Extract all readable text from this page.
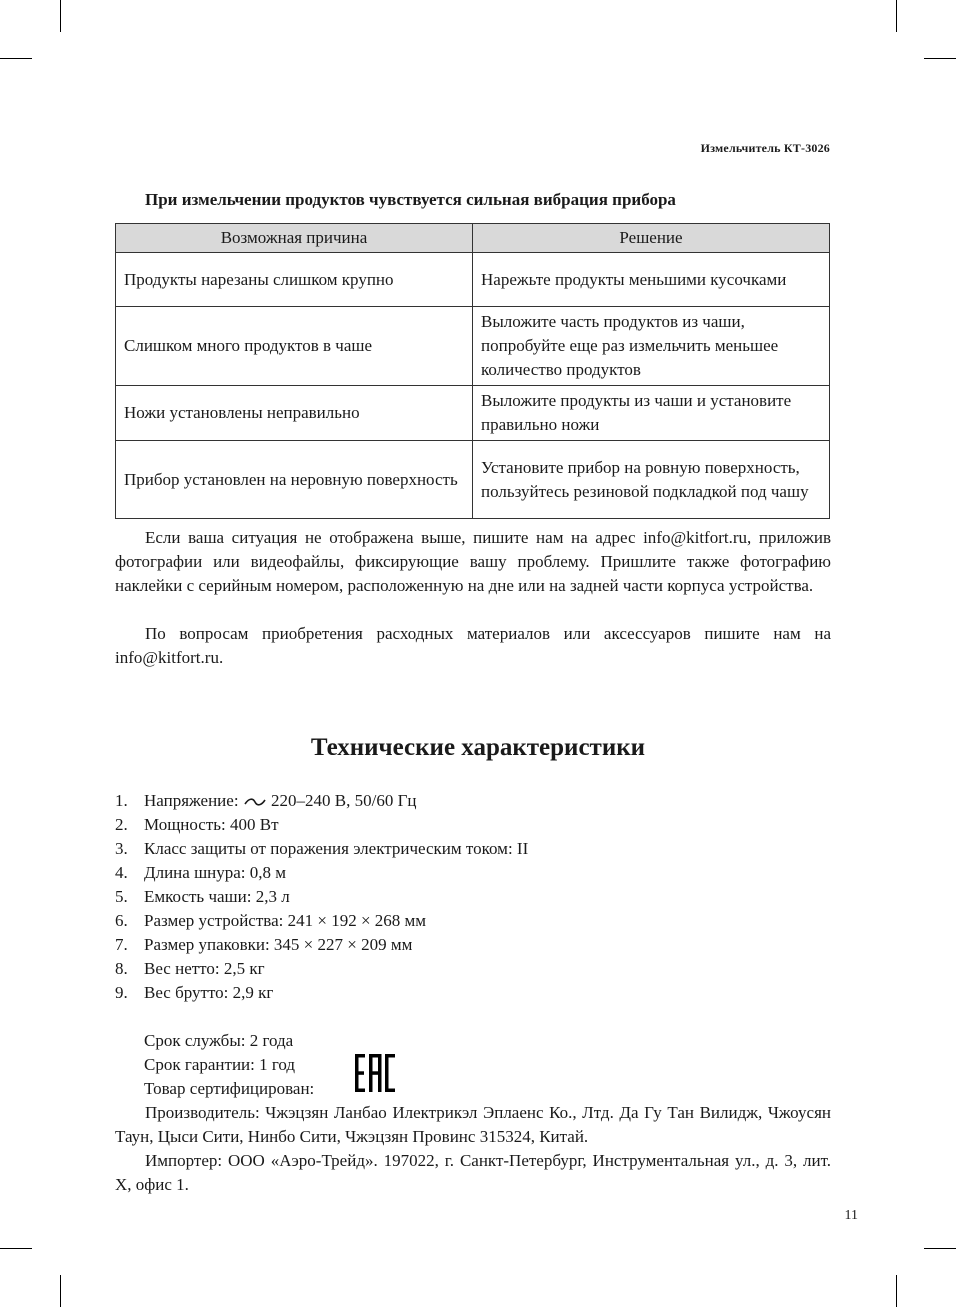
Измельчитель КТ-3026
При измельчении продуктов чувствуется сильная вибрация прибора
Возможная причина	Решение
Продукты нарезаны слишком крупно	Нарежьте продукты меньшими кусочками
Слишком много продуктов в чаше	Выложите часть продуктов из чаши, попробуйте еще раз измельчить меньшее количество продуктов
Ножи установлены неправильно	Выложите продукты из чаши и установите правильно ножи
Прибор установлен на неровную поверхность	Установите прибор на ровную поверхность, пользуйтесь резиновой подкладкой под чашу
Если ваша ситуация не отображена выше, пишите нам на адрес info@kitfort.ru, приложив фотографии или видеофайлы, фиксирующие вашу проблему. Пришлите также фотографию наклейки с серийным номером, расположенную на дне или на задней части корпуса устройства.
По вопросам приобретения расходных материалов или аксессуаров пишите нам на info@kitfort.ru.
Технические характеристики
1. Напряжение: 220–240 В, 50/60 Гц
2. Мощность: 400 Вт
3. Класс защиты от поражения электрическим током: II
4. Длина шнура: 0,8 м
5. Емкость чаши: 2,3 л
6. Размер устройства: 241 × 192 × 268 мм
7. Размер упаковки: 345 × 227 × 209 мм
8. Вес нетто: 2,5 кг
9. Вес брутто: 2,9 кг
Срок службы: 2 года
Срок гарантии: 1 год
Товар сертифицирован:
Производитель: Чжэцзян Ланбао Илектрикэл Эплаенс Ко., Лтд. Да Гу Тан Вилидж, Чжоусян Таун, Цыси Сити, Нинбо Сити, Чжэцзян Провинс 315324, Китай.
Импортер: ООО «Аэро-Трейд». 197022, г. Санкт-Петербург, Инструментальная ул., д. 3, лит. Х, офис 1.
11
